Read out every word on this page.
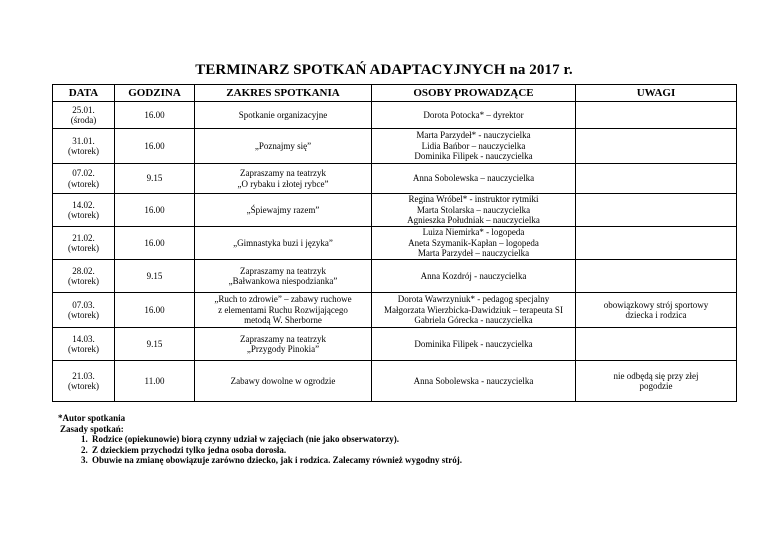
TERMINARZ SPOTKAŃ ADAPTACYJNYCH na 2017 r.
DATA	GODZINA	ZAKRES SPOTKANIA	OSOBY PROWADZĄCE	UWAGI
25.01.
(środa)	16.00	Spotkanie organizacyjne	Dorota Potocka* – dyrektor	
31.01.
(wtorek)	16.00	„Poznajmy się”	Marta Parzydeł* - nauczycielka
Lidia Bańbor – nauczycielka
Dominika Filipek - nauczycielka	
07.02.
(wtorek)	9.15	Zapraszamy na teatrzyk
„O rybaku i złotej rybce”	Anna Sobolewska – nauczycielka	
14.02.
(wtorek)	16.00	„Śpiewajmy razem”	Regina Wróbel* - instruktor rytmiki
Marta Stolarska – nauczycielka
Agnieszka Południak – nauczycielka	
21.02.
(wtorek)	16.00	„Gimnastyka buzi i języka”	Luiza Niemirka* - logopeda
Aneta Szymanik-Kapłan – logopeda
Marta Parzydeł – nauczycielka	
28.02.
(wtorek)	9.15	Zapraszamy na teatrzyk
„Bałwankowa niespodzianka”	Anna Kozdrój - nauczycielka	
07.03.
(wtorek)	16.00	„Ruch to zdrowie” – zabawy ruchowe
z elementami Ruchu Rozwijającego
metodą W. Sherborne	Dorota Wawrzyniuk* - pedagog specjalny
Małgorzata Wierzbicka-Dawidziuk – terapeuta SI
Gabriela Górecka - nauczycielka	obowiązkowy strój sportowy
dziecka i rodzica
14.03.
(wtorek)	9.15	Zapraszamy na teatrzyk
„Przygody Pinokia”	Dominika Filipek - nauczycielka	
21.03.
(wtorek)	11.00	Zabawy dowolne w ogrodzie	Anna Sobolewska - nauczycielka	nie odbędą się przy złej
pogodzie
*Autor spotkania
Zasady spotkań:
1. Rodzice (opiekunowie) biorą czynny udział w zajęciach (nie jako obserwatorzy).
2. Z dzieckiem przychodzi tylko jedna osoba dorosła.
3. Obuwie na zmianę obowiązuje zarówno dziecko, jak i rodzica. Zalecamy również wygodny strój.
